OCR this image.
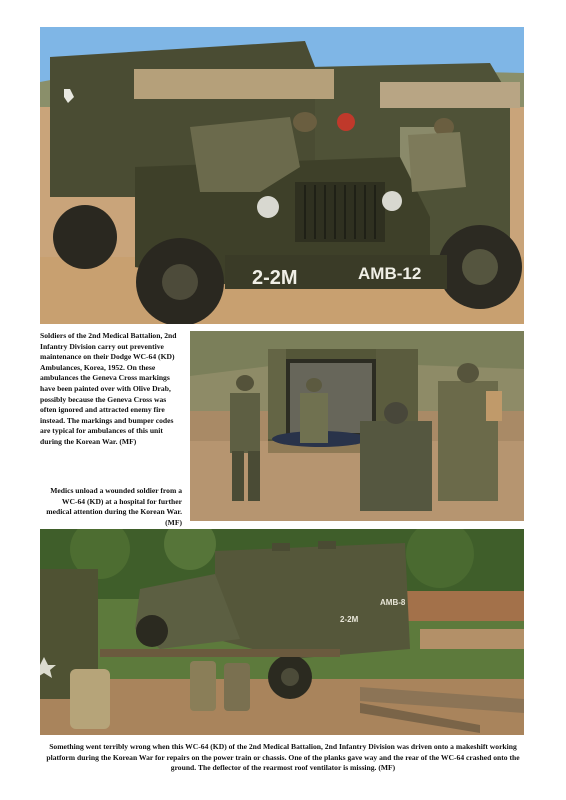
2-2M	AMB-12
2-2M
AMB-8
Soldiers of the 2nd Medical Battalion, 2nd Infantry Division carry out preventive maintenance on their Dodge WC-64 (KD) Ambulances, Korea, 1952. On these ambulances the Geneva Cross markings have been painted over with Olive Drab, possibly because the Geneva Cross was often ignored and attracted enemy fire instead. The markings and bumper codes are typical for ambulances of this unit during the Korean War. (MF)
Medics unload a wounded soldier from a WC-64 (KD) at a hospital for further medical attention during the Korean War. (MF)
Something went terribly wrong when this WC-64 (KD) of the 2nd Medical Battalion, 2nd Infantry Division was driven onto a makeshift working platform during the Korean War for repairs on the power train or chassis. One of the planks gave way and the rear of the WC-64 crashed onto the ground. The deflector of the rearmost roof ventilator is missing. (MF)
